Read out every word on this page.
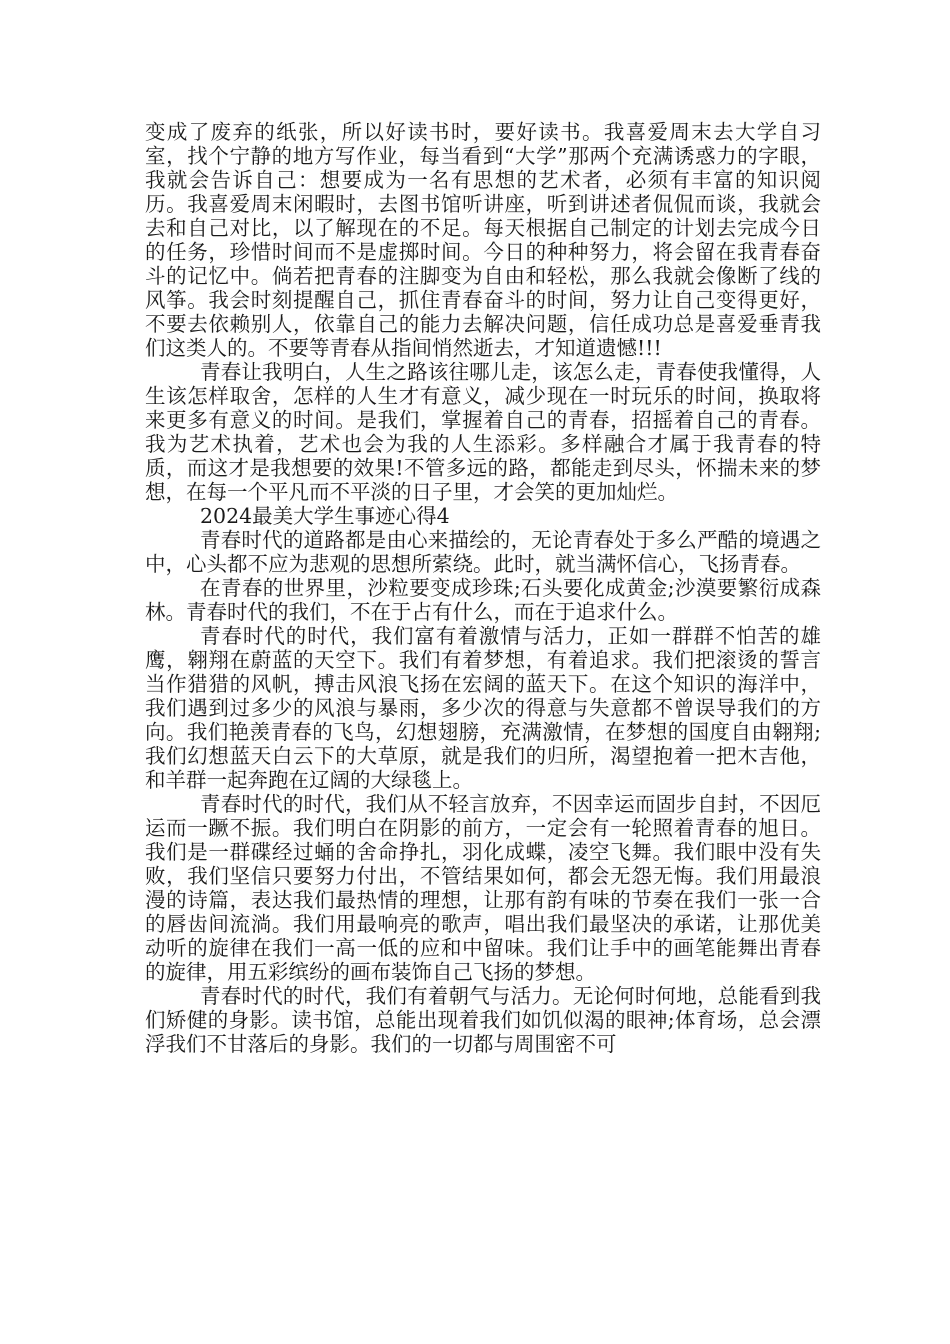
变成了废弃的纸张，所以好读书时，要好读书。我喜爱周末去大学自习室，找个宁静的地方写作业，每当看到“大学”那两个充满诱惑力的字眼，我就会告诉自己：想要成为一名有思想的艺术者，必须有丰富的知识阅历。我喜爱周末闲暇时，去图书馆听讲座，听到讲述者侃侃而谈，我就会去和自己对比，以了解现在的不足。每天根据自己制定的计划去完成今日的任务，珍惜时间而不是虚掷时间。今日的种种努力，将会留在我青春奋斗的记忆中。倘若把青春的注脚变为自由和轻松，那么我就会像断了线的风筝。我会时刻提醒自己，抓住青春奋斗的时间，努力让自己变得更好，不要去依赖别人，依靠自己的能力去解决问题，信任成功总是喜爱垂青我们这类人的。不要等青春从指间悄然逝去，才知道遗憾!!!

青春让我明白，人生之路该往哪儿走，该怎么走，青春使我懂得，人生该怎样取舍，怎样的人生才有意义，减少现在一时玩乐的时间，换取将来更多有意义的时间。是我们，掌握着自己的青春，招摇着自己的青春。我为艺术执着，艺术也会为我的人生添彩。多样融合才属于我青春的特质，而这才是我想要的效果!不管多远的路，都能走到尽头，怀揣未来的梦想，在每一个平凡而不平淡的日子里，才会笑的更加灿烂。

2024最美大学生事迹心得4

青春时代的道路都是由心来描绘的，无论青春处于多么严酷的境遇之中，心头都不应为悲观的思想所萦绕。此时，就当满怀信心，飞扬青春。

在青春的世界里，沙粒要变成珍珠;石头要化成黄金;沙漠要繁衍成森林。青春时代的我们，不在于占有什么，而在于追求什么。

青春时代的时代，我们富有着激情与活力，正如一群群不怕苦的雄鹰，翱翔在蔚蓝的天空下。我们有着梦想，有着追求。我们把滚烫的誓言当作猎猎的风帆，搏击风浪飞扬在宏阔的蓝天下。在这个知识的海洋中，我们遇到过多少的风浪与暴雨，多少次的得意与失意都不曾误导我们的方向。我们艳羡青春的飞鸟，幻想翅膀，充满激情，在梦想的国度自由翱翔;我们幻想蓝天白云下的大草原，就是我们的归所，渴望抱着一把木吉他，和羊群一起奔跑在辽阔的大绿毯上。

青春时代的时代，我们从不轻言放弃，不因幸运而固步自封，不因厄运而一蹶不振。我们明白在阴影的前方，一定会有一轮照着青春的旭日。我们是一群碟经过蛹的舍命挣扎，羽化成蝶，凌空飞舞。我们眼中没有失败，我们坚信只要努力付出，不管结果如何，都会无怨无悔。我们用最浪漫的诗篇，表达我们最热情的理想，让那有韵有味的节奏在我们一张一合的唇齿间流淌。我们用最响亮的歌声，唱出我们最坚决的承诺，让那优美动听的旋律在我们一高一低的应和中留味。我们让手中的画笔能舞出青春的旋律，用五彩缤纷的画布装饰自己飞扬的梦想。

青春时代的时代，我们有着朝气与活力。无论何时何地，总能看到我们矫健的身影。读书馆，总能出现着我们如饥似渴的眼神;体育场，总会漂浮我们不甘落后的身影。我们的一切都与周围密不可
